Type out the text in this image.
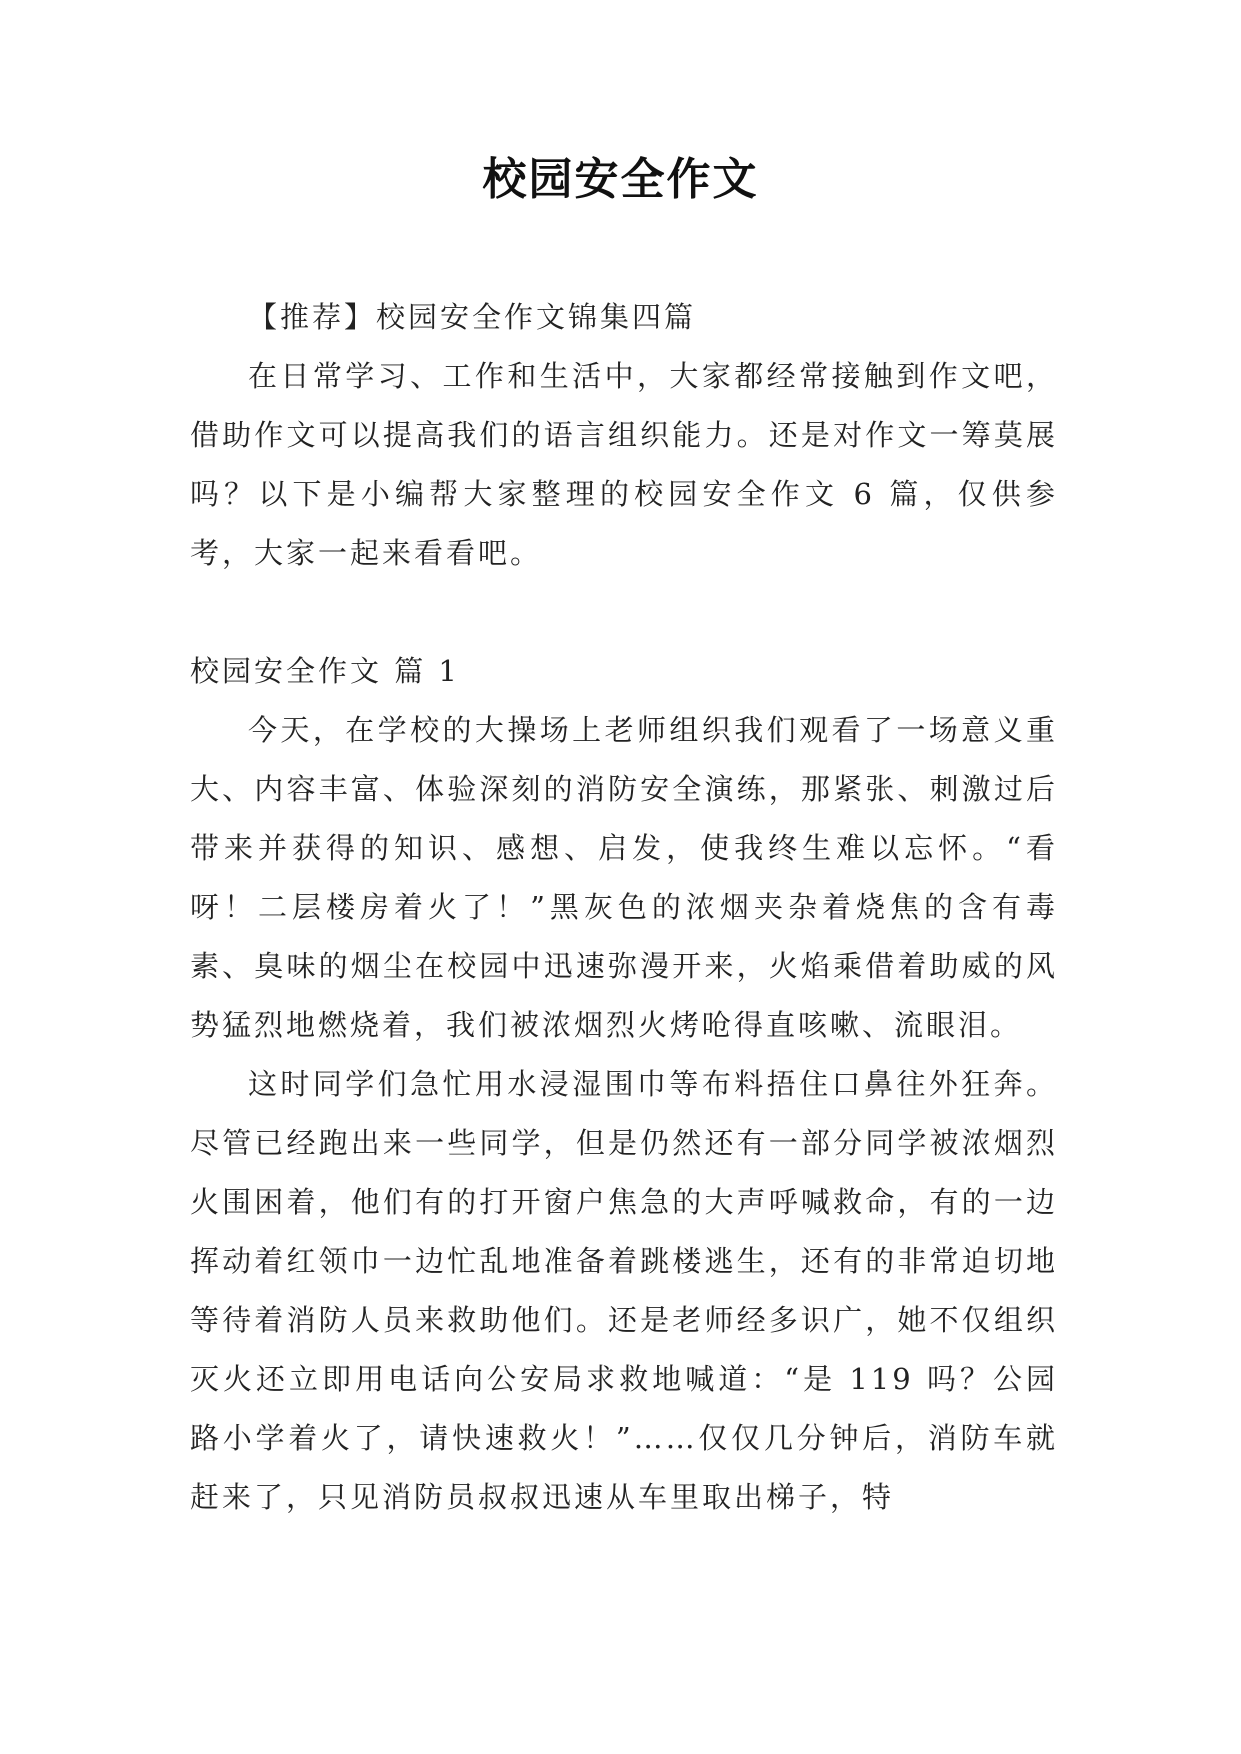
校园安全作文

【推荐】校园安全作文锦集四篇

在日常学习、工作和生活中，大家都经常接触到作文吧，借助作文可以提高我们的语言组织能力。还是对作文一筹莫展吗？以下是小编帮大家整理的校园安全作文 6 篇，仅供参考，大家一起来看看吧。

校园安全作文 篇 1

今天，在学校的大操场上老师组织我们观看了一场意义重大、内容丰富、体验深刻的消防安全演练，那紧张、刺激过后带来并获得的知识、感想、启发，使我终生难以忘怀。“看呀！二层楼房着火了！”黑灰色的浓烟夹杂着烧焦的含有毒素、臭味的烟尘在校园中迅速弥漫开来，火焰乘借着助威的风势猛烈地燃烧着，我们被浓烟烈火烤呛得直咳嗽、流眼泪。

这时同学们急忙用水浸湿围巾等布料捂住口鼻往外狂奔。尽管已经跑出来一些同学，但是仍然还有一部分同学被浓烟烈火围困着，他们有的打开窗户焦急的大声呼喊救命，有的一边挥动着红领巾一边忙乱地准备着跳楼逃生，还有的非常迫切地等待着消防人员来救助他们。还是老师经多识广，她不仅组织灭火还立即用电话向公安局求救地喊道：“是 119 吗？公园路小学着火了，请快速救火！”……仅仅几分钟后，消防车就赶来了，只见消防员叔叔迅速从车里取出梯子，特
